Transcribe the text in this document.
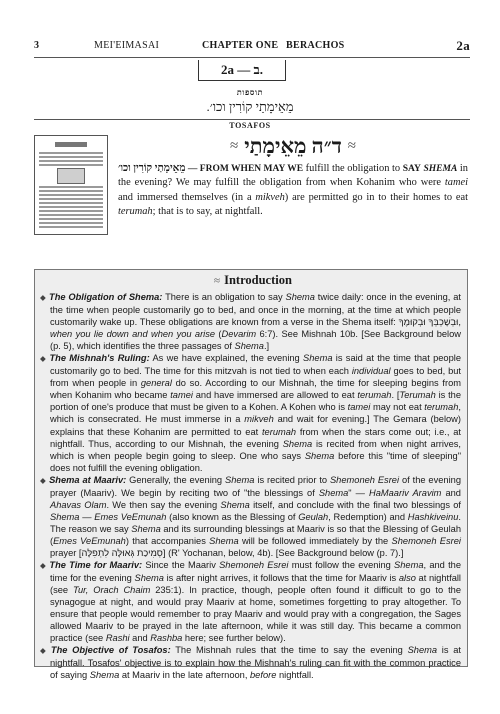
3	MEI'EIMASAI	CHAPTER ONE BERACHOS	2a
2a — ב.
תוספות
מֵאֵימָתַי קוֹרִין וכו׳.
TOSAFOS
≈ ד״ה מֵאֵימָתַי ≈
מֵאֵימָתַי קוֹרִין וכו׳ — FROM WHEN MAY WE fulfill the obligation to SAY SHEMA in the evening? We may fulfill the obligation from when Kohanim who were tamei and immersed themselves (in a mikveh) are permitted go in to their homes to eat terumah; that is to say, at nightfall.
≈ Introduction
◆ The Obligation of Shema: There is an obligation to say Shema twice daily: once in the evening, at the time when people customarily go to bed, and once in the morning, at the time at which people customarily wake up. These obligations are known from a verse in the Shema itself: וּבְשָׁכְבְּךָ וּבְקוּמֶךָ, when you lie down and when you arise (Devarim 6:7). See Mishnah 10b. [See Background below (p. 5), which identifies the three passages of Shema.]
◆ The Mishnah's Ruling: As we have explained, the evening Shema is said at the time that people customarily go to bed. The time for this mitzvah is not tied to when each individual goes to bed, but from when people in general do so. According to our Mishnah, the time for sleeping begins from when Kohanim who became tamei and have immersed are allowed to eat terumah. [Terumah is the portion of one's produce that must be given to a Kohen. A Kohen who is tamei may not eat terumah, which is consecrated. He must immerse in a mikveh and wait for evening.] The Gemara (below) explains that these Kohanim are permitted to eat terumah from when the stars come out; i.e., at nightfall. Thus, according to our Mishnah, the evening Shema is recited from when night arrives, which is when people begin going to sleep. One who says Shema before this "time of sleeping" does not fulfill the evening obligation.
◆ Shema at Maariv: Generally, the evening Shema is recited prior to Shemoneh Esrei of the evening prayer (Maariv). We begin by reciting two of "the blessings of Shema" — HaMaariv Aravim and Ahavas Olam. We then say the evening Shema itself, and conclude with the final two blessings of Shema — Emes VeEmunah (also known as the Blessing of Geulah, Redemption) and Hashkiveinu. The reason we say Shema and its surrounding blessings at Maariv is so that the Blessing of Geulah (Emes VeEmunah) that accompanies Shema will be followed immediately by the Shemoneh Esrei prayer [סְמִיכַת גְּאוּלָּה לִתְפִלָּה] (R' Yochanan, below, 4b). [See Background below (p. 7).]
◆ The Time for Maariv: Since the Maariv Shemoneh Esrei must follow the evening Shema, and the time for the evening Shema is after night arrives, it follows that the time for Maariv is also at nightfall (see Tur, Orach Chaim 235:1). In practice, though, people often found it difficult to go to the synagogue at night, and would pray Maariv at home, sometimes forgetting to pray altogether. To ensure that people would remember to pray Maariv and would pray with a congregation, the Sages allowed Maariv to be prayed in the late afternoon, while it was still day. This became a common practice (see Rashi and Rashba here; see further below).
◆ The Objective of Tosafos: The Mishnah rules that the time to say the evening Shema is at nightfall. Tosafos' objective is to explain how the Mishnah's ruling can fit with the common practice of saying Shema at Maariv in the late afternoon, before nightfall.
